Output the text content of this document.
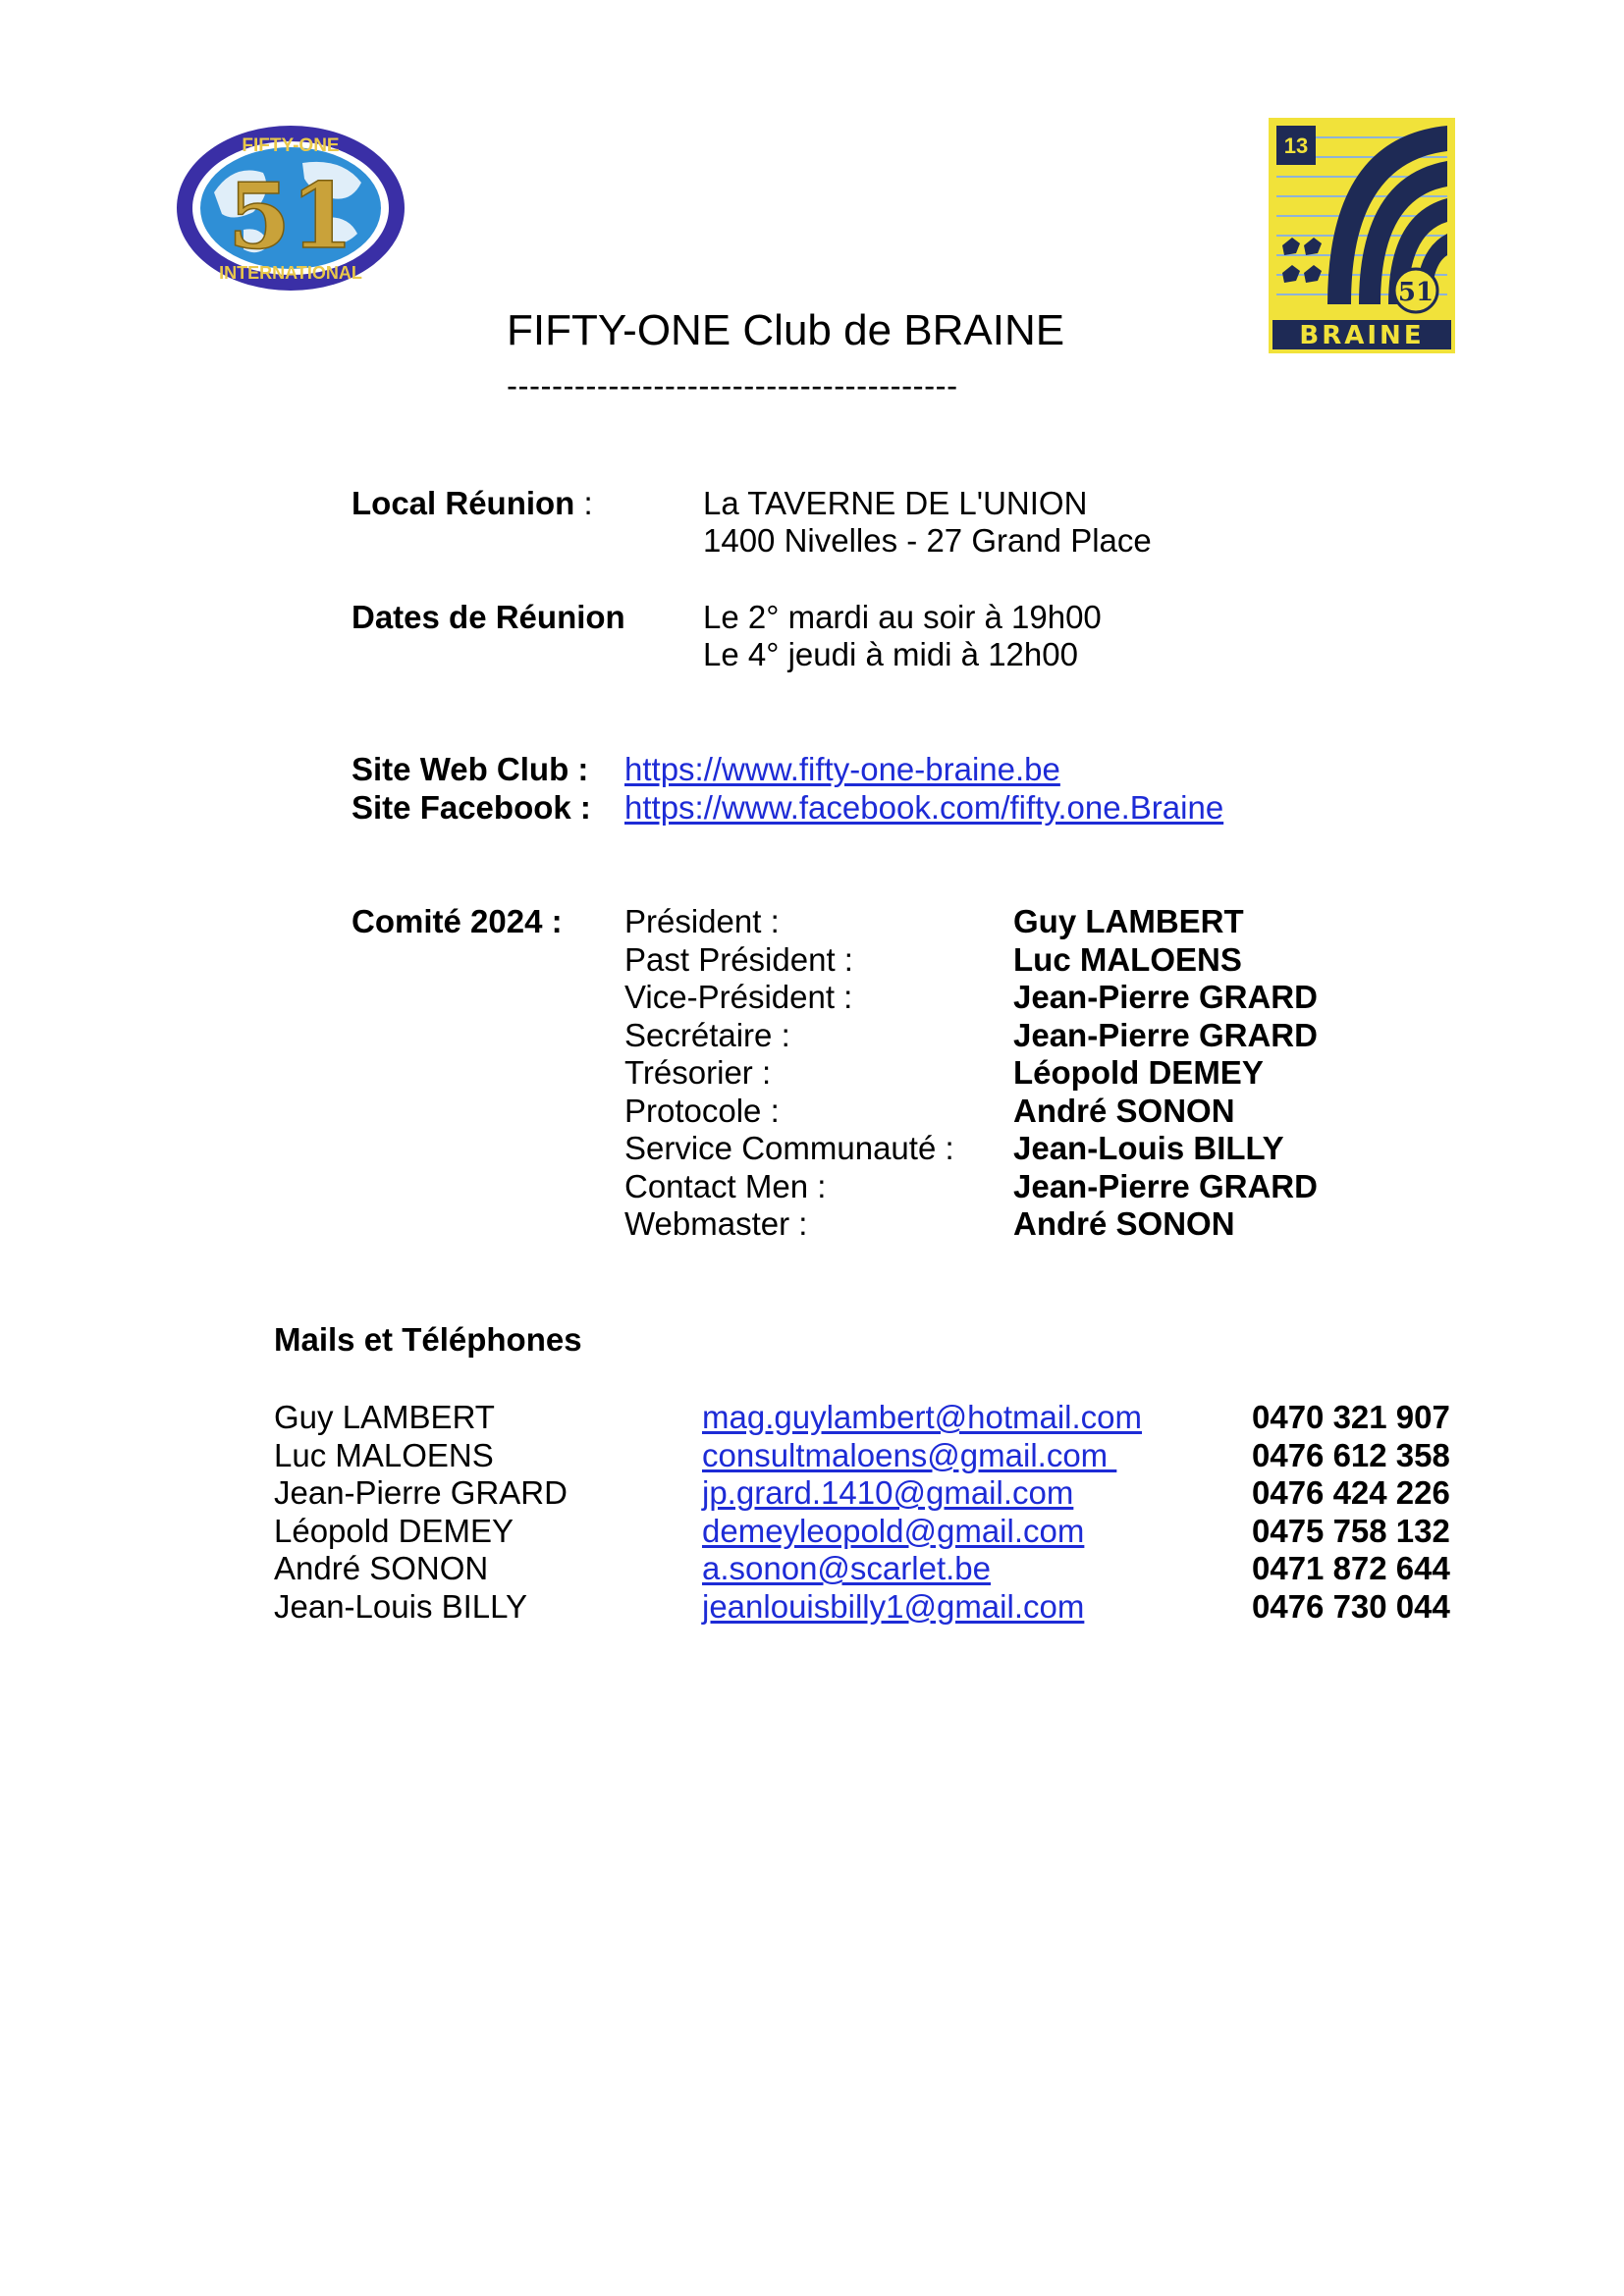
51
FIFTY-ONE
INTERNATIONAL
13
51
BRAINE
FIFTY-ONE Club de BRAINE
----------------------------------------
Local Réunion :	La TAVERNE DE L'UNION
1400 Nivelles - 27 Grand Place
Dates de Réunion Le 2° mardi au soir à 19h00
Le 4° jeudi à midi à 12h00
Site Web Club : https://www.fifty-one-braine.be
Site Facebook : https://www.facebook.com/fifty.one.Braine
Comité 2024 : Président :	Guy LAMBERT
Past Président :	Luc MALOENS
Vice-Président :	Jean-Pierre GRARD
Secrétaire :	Jean-Pierre GRARD
Trésorier :	Léopold DEMEY
Protocole :	André SONON
Service Communauté : Jean-Louis BILLY
Contact Men :	Jean-Pierre GRARD
Webmaster :	André SONON
Mails et Téléphones
Guy LAMBERT	mag.guylambert@hotmail.com	0470 321 907
Luc MALOENS	consultmaloens@gmail.com	0476 612 358
Jean-Pierre GRARD	jp.grard.1410@gmail.com	0476 424 226
Léopold DEMEY	demeyleopold@gmail.com	0475 758 132
André SONON	a.sonon@scarlet.be	0471 872 644
Jean-Louis BILLY	jeanlouisbilly1@gmail.com	0476 730 044
